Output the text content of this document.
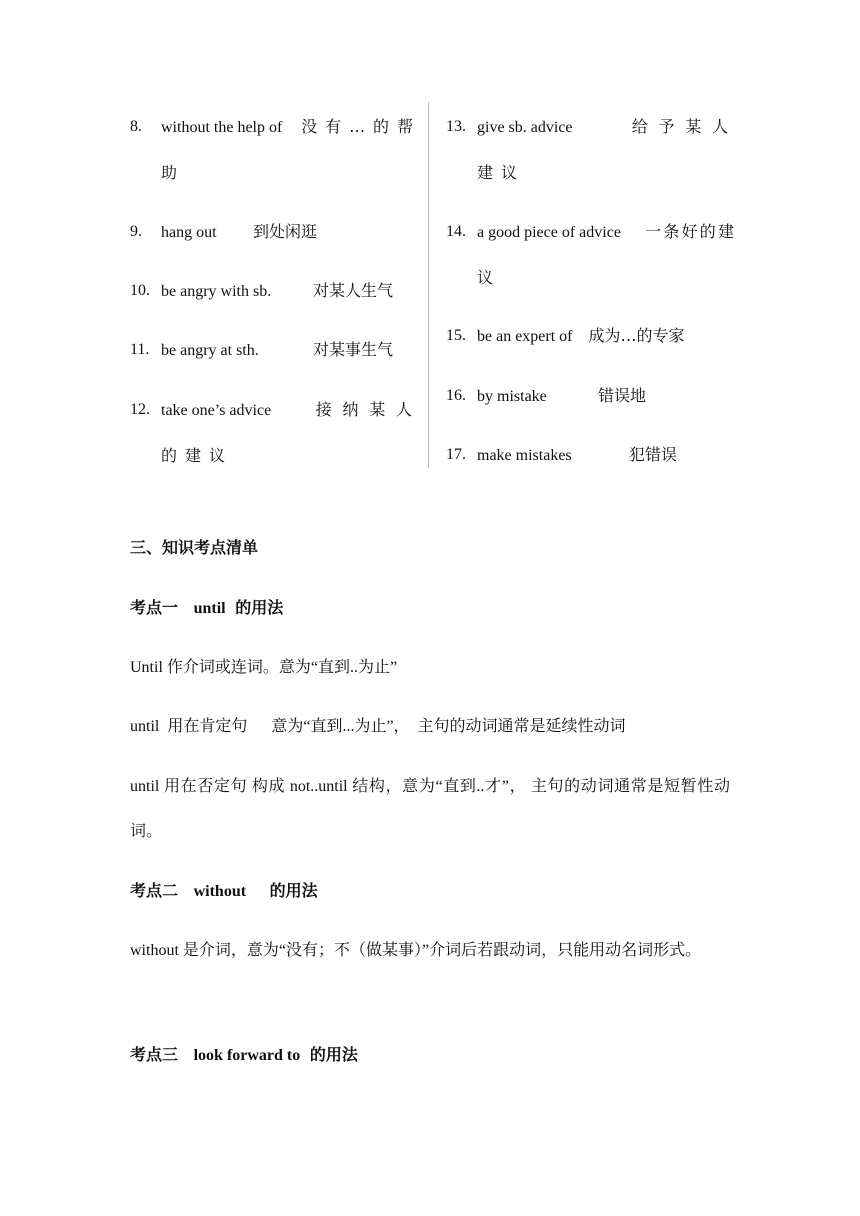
8. without the help of 没有…的帮助
9. hang out 到处闲逛
10. be angry with sb.	对某人生气
11. be angry at sth.	对某事生气
12. take one’s advice	接纳某人的建议
13. give sb. advice	给予某人建议
14. a good piece of advice 一条好的建议
15. be an expert of 成为…的专家
16. by mistake	错误地
17. make mistakes	犯错误
三、知识考点清单
考点一 until 的用法
Until 作介词或连词。意为“直到..为止”
until  用在肯定句      意为“直到...为止”，  主句的动词通常是延续性动词
until 用在否定句 构成 not..until 结构，意为“直到..才”， 主句的动词通常是短暂性动词。
考点二 without 的用法
without 是介词，意为“没有；不（做某事）”介词后若跟动词，只能用动名词形式。
考点三 look forward to 的用法
